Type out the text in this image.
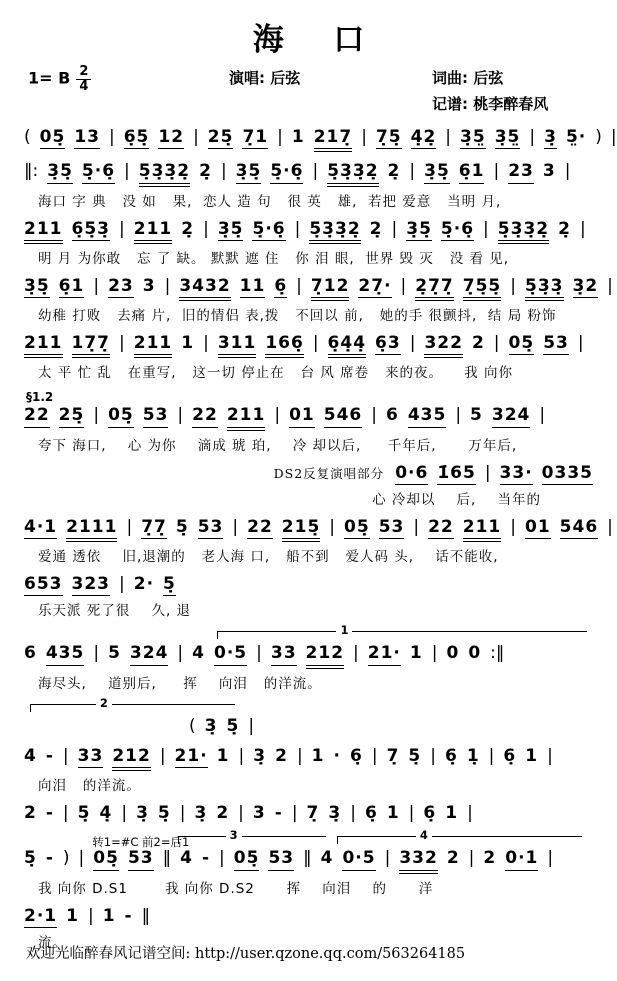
海口
1= B $\frac{2}{4}$	演唱: 后弦	词曲: 后弦
记谱: 桃李醉春风
( 05̣ 13 | 6̣5̣ 12 | 25̣ 7̣1 | 1 217̣ | 7̣5̣ 4̣2̣ | 3̣5̤ 3̣5̤ | 3̣ 5̤· ) |
‖: 3̣5̣ 5̣·6̣ | 5̣3̣3̣2̣ 2̣ | 3̣5̣ 5̣·6̣ | 5̣3̣3̣2̣ 2̣ | 3̣5̣ 6̣1 | 23 3 |
海口 字 典   没 如   果,  恋人 造 句   很 英   雄,  若把 爱意   当明 月,
211 6̣5̣3̣ | 211 2̣ | 3̣5̣ 5̣·6̣ | 5̣3̣3̣2̣ 2̣ | 3̣5̣ 5̣·6̣ | 5̣3̣3̣2̣ 2̣ |
明 月 为你敢   忘 了 缺。 默默 遮 住   你 泪 眼,  世界 毁 灭   没 看 见,
3̣5̣ 6̣1 | 23 3 | 3432 11 6̣ | 7̣12 27̣· | 2̣7̣7̣ 7̣5̣5̣ | 5̣3̣3̣ 3̣2 |
幼稚 打败   去痛 片,  旧的情侣 表,拨   不回以 前,   她的手 很颤抖,  结 局 粉饰
211 17̣7̣ | 211 1 | 311 166̣ | 6̣4̣4̣ 6̣3 | 322 2 | 05̣ 53 |
太 平 忙 乱   在重写,   这一切 停止在   台 风 席卷   来的夜。    我 向你
§1.2
22 25̣ | 05̣ 53 | 22 211 | 01 546 | 6 435 | 5 324 |
夸下 海口,    心 为你    滴成 琥 珀,    冷 却以后,     千年后,      万年后,
DS2反复演唱部分 0·6 1̇65 | 33· 0335
心 冷却以    后,    当年的
4·1 2111 | 7̣7̣ 5̣ 53 | 22 215̣ | 05̣ 53 | 22 211 | 01 546 |
爱通 透依    旧,退潮的   老人海 口,   船不到   爱人码 头,    话不能收,
653 323 | 2· 5̣
乐天派 死了很    久, 退
1
6 435 | 5 324 | 4 0·5 | 33 212 | 21· 1 | 0 0 :‖
海尽头,    道别后,     挥    向泪   的洋流。
2
( 3̣ 5̣ |
4 - | 33 212 | 21· 1 | 3̣ 2 | 1 · 6̣ | 7̣ 5̣ | 6̣ 1̣ | 6̣ 1 |
向泪   的洋流。
2 - | 5̣ 4̣ | 3̣ 5̣ | 3̣ 2 | 3 - | 7̣ 3̣ | 6̣ 1 | 6̣ 1 |
3	4
转1=#C 前2=后1
5̣ - ) | 05̣ 53 ‖ 4 - | 05̣ 53 ‖ 4 0·5 | 332 2 | 2 0·1 |
我 向你 D.S1       我 向你 D.S2      挥    向泪    的      洋
2·1 1 | 1 - ‖
流。
欢迎光临醉春风记谱空间: http://user.qzone.qq.com/563264185
